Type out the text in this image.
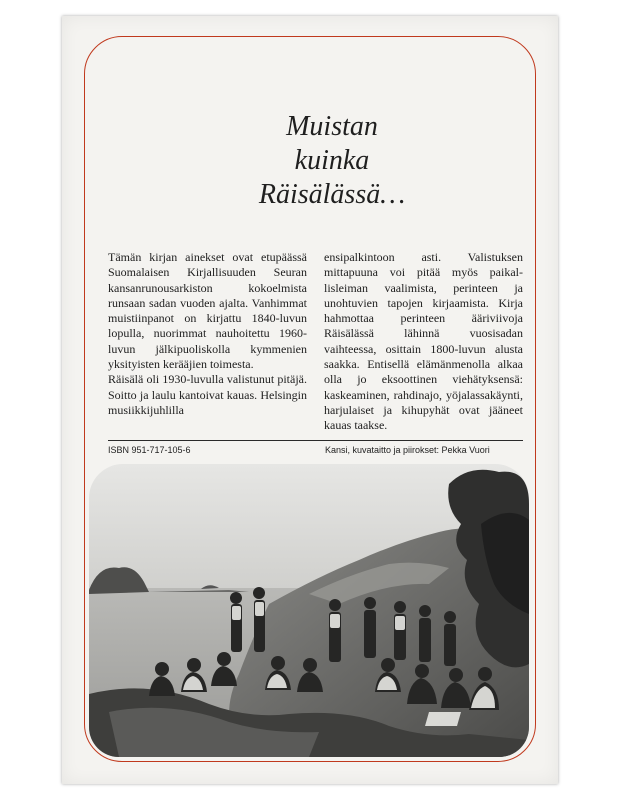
Muistan
kuinka
Räisälässä…

Tämän kirjan ainekset ovat etupäässä Suomalaisen Kirjallisuuden Seuran kansanrunousarkiston kokoelmista runsaan sadan vuoden ajalta. Vanhimmat muistiinpanot on kirjattu 1840-luvun lopulla, nuorimmat nauhoitettu 1960-luvun jälkipuoliskolla kymmenien yksityisten kerääjien toimesta.

Räisälä oli 1930-luvulla valistunut pitäjä. Soitto ja laulu kantoivat kauas. Helsingin musiikkijuhlilla

ensipalkintoon asti. Valistuksen mittapuuna voi pitää myös paikallisleiman vaalimista, perinteen ja unohtuvien tapojen kirjaamista. Kirja hahmottaa perinteen ääriviivoja Räisälässä lähinnä vuosisadan vaihteessa, osittain 1800-luvun alusta saakka. Entisellä elämänmenolla alkaa olla jo eksoottinen viehätyksensä: kaskeaminen, rahdinajo, yöjalassakäynti, harjulaiset ja kihupyhät ovat jääneet kauas taakse.

ISBN 951-717-105-6	Kansi, kuvataitto ja piirokset: Pekka Vuori
